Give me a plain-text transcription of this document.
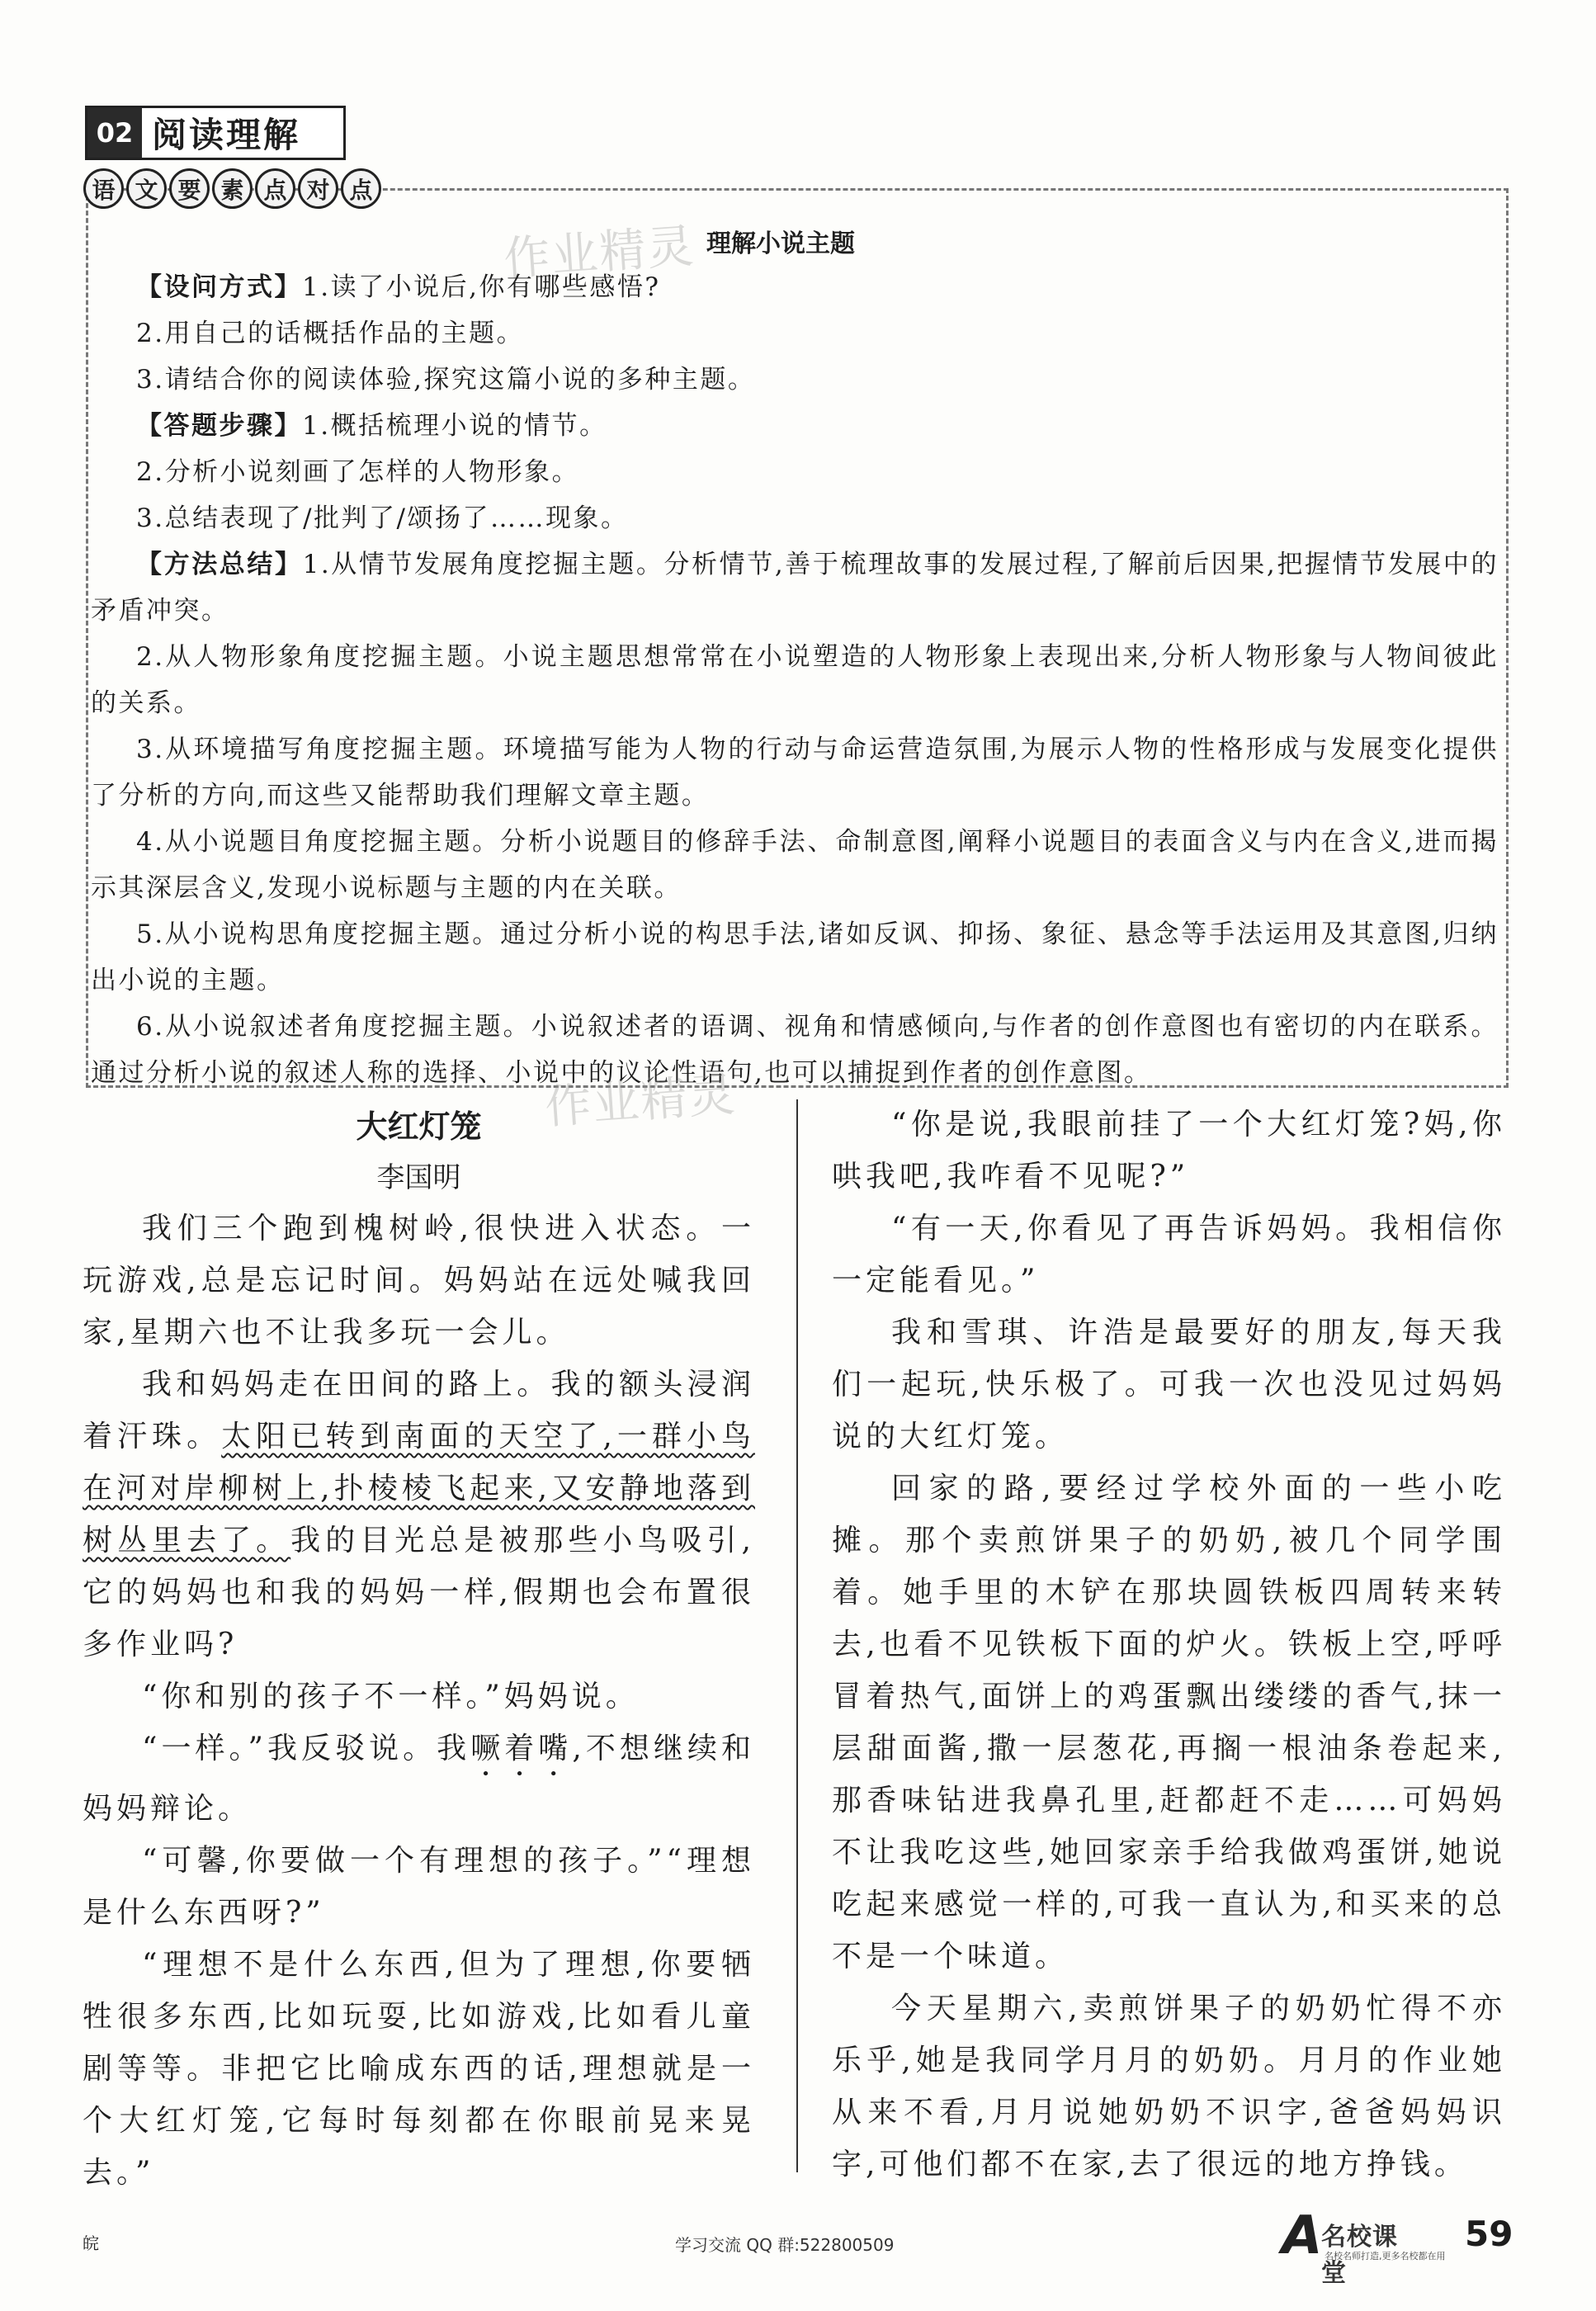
02 阅读理解
语 文 要 素 点 对 点
作业精灵 理解小说主题

【设问方式】1.读了小说后,你有哪些感悟?

2.用自己的话概括作品的主题。

3.请结合你的阅读体验,探究这篇小说的多种主题。

【答题步骤】1.概括梳理小说的情节。

2.分析小说刻画了怎样的人物形象。

3.总结表现了/批判了/颂扬了……现象。

【方法总结】1.从情节发展角度挖掘主题。分析情节,善于梳理故事的发展过程,了解前后因果,把握情节发展中的矛盾冲突。

2.从人物形象角度挖掘主题。小说主题思想常常在小说塑造的人物形象上表现出来,分析人物形象与人物间彼此的关系。

3.从环境描写角度挖掘主题。环境描写能为人物的行动与命运营造氛围,为展示人物的性格形成与发展变化提供了分析的方向,而这些又能帮助我们理解文章主题。

4.从小说题目角度挖掘主题。分析小说题目的修辞手法、命制意图,阐释小说题目的表面含义与内在含义,进而揭示其深层含义,发现小说标题与主题的内在关联。

5.从小说构思角度挖掘主题。通过分析小说的构思手法,诸如反讽、抑扬、象征、悬念等手法运用及其意图,归纳出小说的主题。

6.从小说叙述者角度挖掘主题。小说叙述者的语调、视角和情感倾向,与作者的创作意图也有密切的内在联系。通过分析小说的叙述人称的选择、小说中的议论性语句,也可以捕捉到作者的创作意图。

作业精灵
大红灯笼
李国明

我们三个跑到槐树岭,很快进入状态。一玩游戏,总是忘记时间。妈妈站在远处喊我回家,星期六也不让我多玩一会儿。

我和妈妈走在田间的路上。我的额头浸润着汗珠。太阳已转到南面的天空了,一群小鸟在河对岸柳树上,扑棱棱飞起来,又安静地落到树丛里去了。我的目光总是被那些小鸟吸引,它的妈妈也和我的妈妈一样,假期也会布置很多作业吗?

“你和别的孩子不一样。”妈妈说。

“一样。”我反驳说。我噘着嘴,不想继续和妈妈辩论。

“可馨,你要做一个有理想的孩子。”“理想是什么东西呀?”

“理想不是什么东西,但为了理想,你要牺牲很多东西,比如玩耍,比如游戏,比如看儿童剧等等。非把它比喻成东西的话,理想就是一个大红灯笼,它每时每刻都在你眼前晃来晃去。”

“你是说,我眼前挂了一个大红灯笼?妈,你哄我吧,我咋看不见呢?”

“有一天,你看见了再告诉妈妈。我相信你一定能看见。”

我和雪琪、许浩是最要好的朋友,每天我们一起玩,快乐极了。可我一次也没见过妈妈说的大红灯笼。

回家的路,要经过学校外面的一些小吃摊。那个卖煎饼果子的奶奶,被几个同学围着。她手里的木铲在那块圆铁板四周转来转去,也看不见铁板下面的炉火。铁板上空,呼呼冒着热气,面饼上的鸡蛋飘出缕缕的香气,抹一层甜面酱,撒一层葱花,再搁一根油条卷起来,那香味钻进我鼻孔里,赶都赶不走……可妈妈不让我吃这些,她回家亲手给我做鸡蛋饼,她说吃起来感觉一样的,可我一直认为,和买来的总不是一个味道。

今天星期六,卖煎饼果子的奶奶忙得不亦乐乎,她是我同学月月的奶奶。月月的作业她从来不看,月月说她奶奶不识字,爸爸妈妈识字,可他们都不在家,去了很远的地方挣钱。

皖	学习交流 QQ 群:522800509	A
名校课堂
名校名师打造,更多名校都在用
59
